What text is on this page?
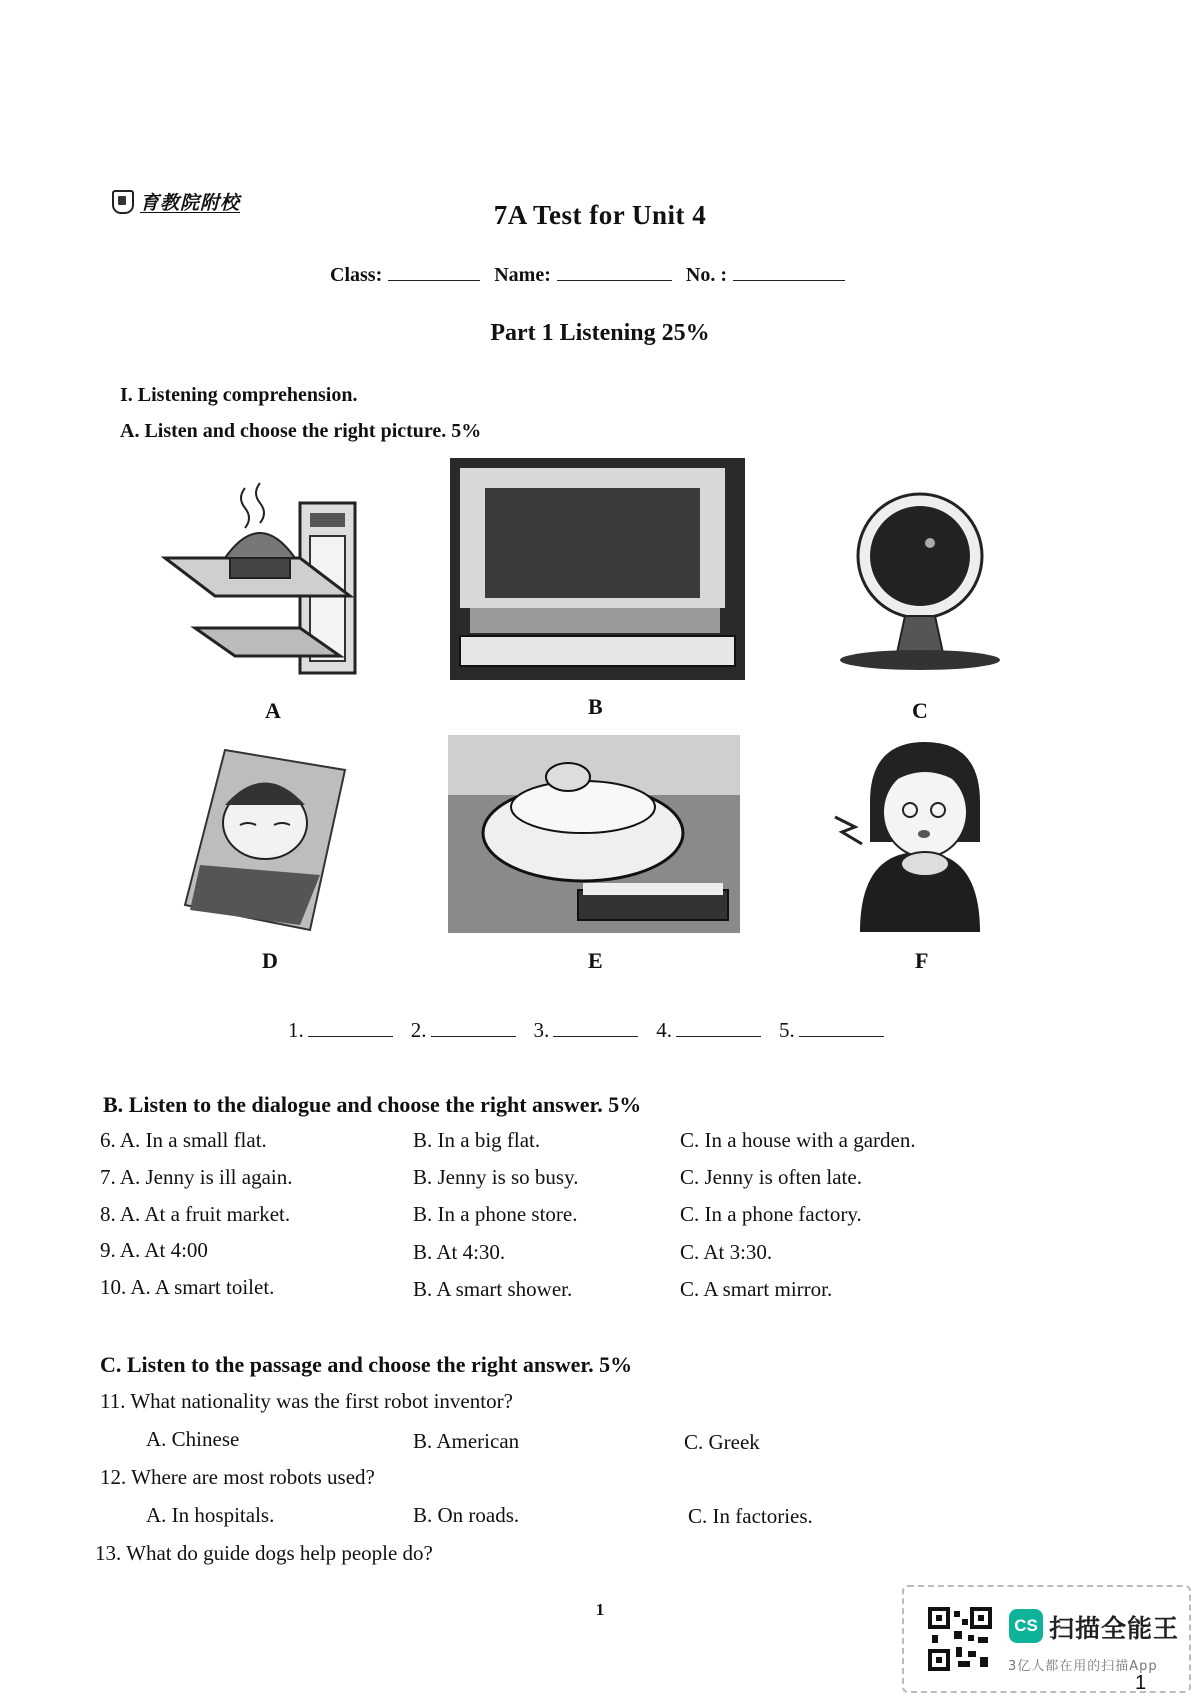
育教院附校	7A Test for Unit 4
Class:	Name:	No. :
Part 1 Listening 25%
I. Listening comprehension.
A. Listen and choose the right picture. 5%
A	B	C
D	E	F
1.	2.	3.	4.	5.
B. Listen to the dialogue and choose the right answer. 5%
6. A. In a small flat.	B. In a big flat.	C. In a house with a garden.
7. A. Jenny is ill again.	B. Jenny is so busy.	C. Jenny is often late.
8. A. At a fruit market.	B. In a phone store.	C. In a phone factory.
9. A. At 4:00	B. At 4:30.	C. At 3:30.
10. A. A smart toilet.	B. A smart shower.	C. A smart mirror.
C. Listen to the passage and choose the right answer. 5%
11. What nationality was the first robot inventor?
A. Chinese	B. American	C. Greek
12. Where are most robots used?
A. In hospitals.	B. On roads.	C. In factories.
13. What do guide dogs help people do?
1
CS 扫描全能王
3亿人都在用的扫描App
1
